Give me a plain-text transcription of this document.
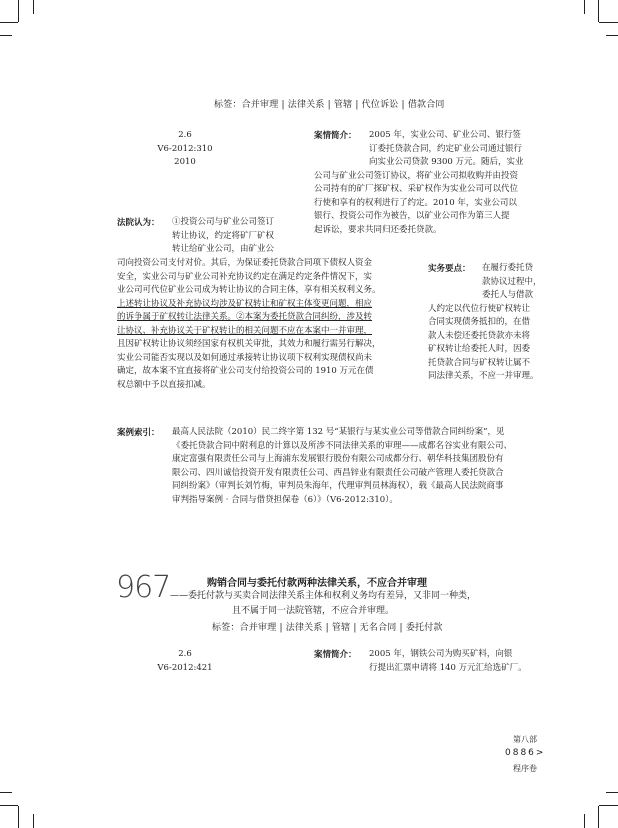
标签：合并审理 | 法律关系 | 管辖 | 代位诉讼 | 借款合同
2.6
V6-2012:310
2010
案情简介：	2005 年，实业公司、矿业公司、银行签
订委托贷款合同，约定矿业公司通过银行
向实业公司贷款 9300 万元。随后，实业
公司与矿业公司签订协议，将矿业公司拟收购并由投资
公司持有的矿厂探矿权、采矿权作为实业公司可以代位
行使和享有的权利进行了约定。2010 年，实业公司以
银行、投资公司作为被告，以矿业公司作为第三人提
起诉讼，要求共同归还委托贷款。
法院认为： ①投资公司与矿业公司签订
转让协议，约定将矿厂矿权
转让给矿业公司，由矿业公
司向投资公司支付对价。其后，为保证委托贷款合同项下债权人资金
安全，实业公司与矿业公司补充协议约定在满足约定条件情况下，实
业公司可代位矿业公司成为转让协议的合同主体，享有相关权利义务。
上述转让协议及补充协议均涉及矿权转让和矿权主体变更问题，相应
的诉争属于矿权转让法律关系。②本案为委托贷款合同纠纷，涉及转
让协议、补充协议关于矿权转让的相关问题不应在本案中一并审理，
且因矿权转让协议须经国家有权机关审批，其效力和履行需另行解决，
实业公司能否实现以及如何通过承接转让协议项下权利实现债权尚未
确定，故本案不宜直接将矿业公司支付给投资公司的 1910 万元在债
权总额中予以直接扣减。
实务要点：	在履行委托贷
款协议过程中，
委托人与借款
人约定以代位行使矿权转让
合同实现债务抵扣的，在借
款人未偿还委托贷款亦未将
矿权转让给委托人时，因委
托贷款合同与矿权转让属不
同法律关系，不应一并审理。
案例索引： 最高人民法院（2010）民二终字第 132 号“某银行与某实业公司等借款合同纠纷案”，见
《委托贷款合同中附利息的计算以及所涉不同法律关系的审理——成都名谷实业有限公司、
康定富强有限责任公司与上海浦东发展银行股份有限公司成都分行、朝华科技集团股份有
限公司、四川诚信投资开发有限责任公司、西昌锌业有限责任公司破产管理人委托贷款合
同纠纷案》（审判长刘竹梅，审判员朱海年，代理审判员林海权），载《最高人民法院商事
审判指导案例 · 合同与借贷担保卷（6）》（V6-2012:310）。
967	购销合同与委托付款两种法律关系，不应合并审理
——委托付款与买卖合同法律关系主体和权利义务均有差异，又非同一种类，
且不属于同一法院管辖，不应合并审理。
标签：合并审理 | 法律关系 | 管辖 | 无名合同 | 委托付款
2.6
V6-2012:421
案情简介：	2005 年，钢铁公司为购买矿料，向银
行提出汇票申请将 140 万元汇给选矿厂。
第八部
0886>
程序卷
